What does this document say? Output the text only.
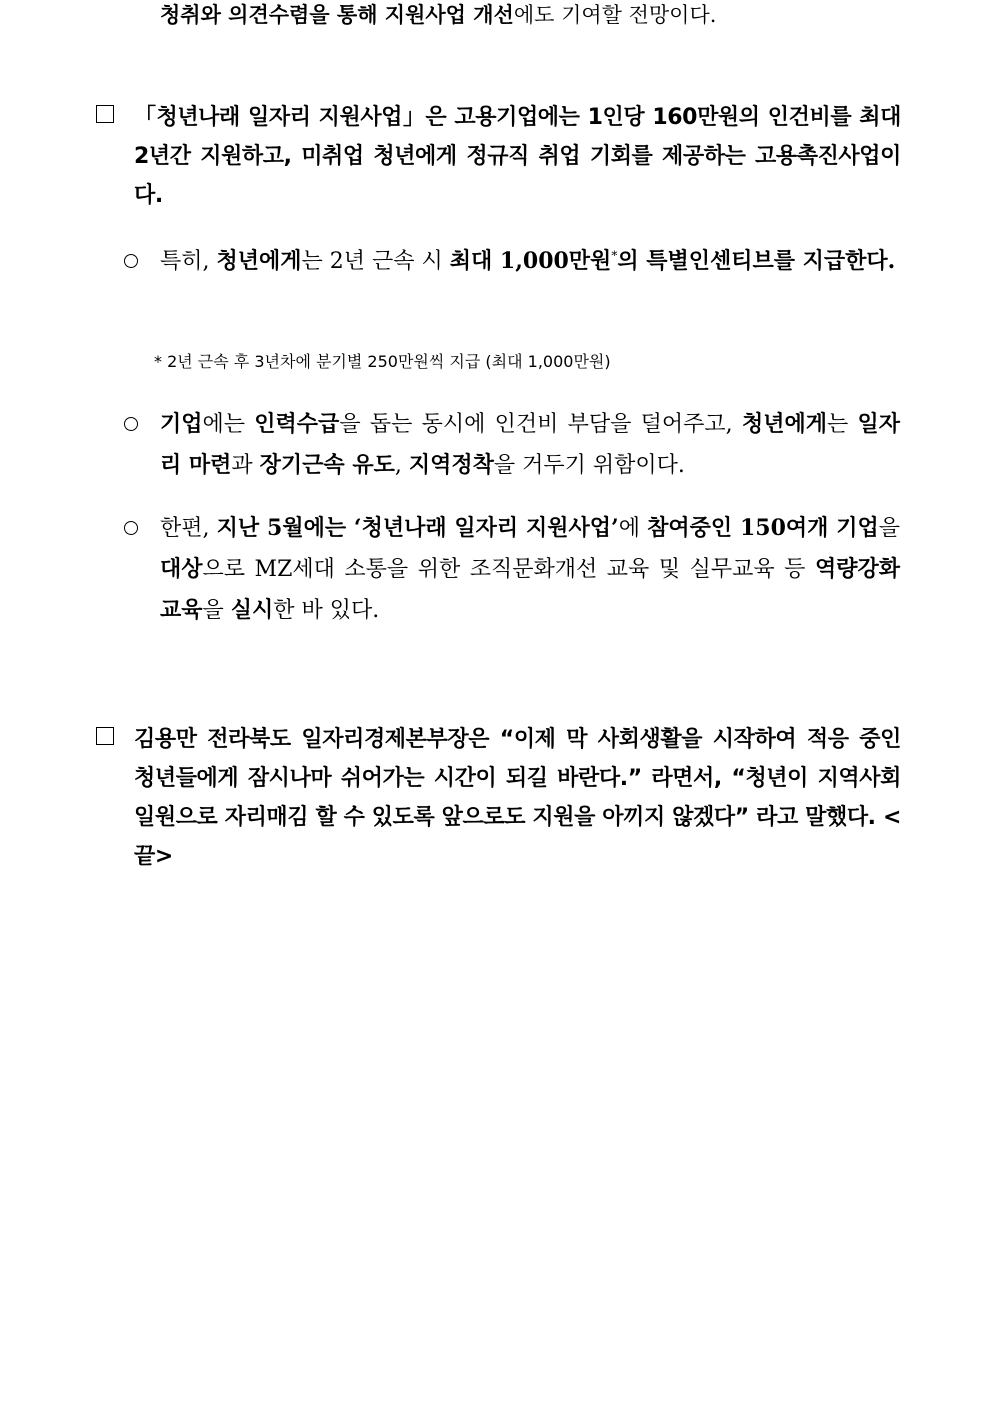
청취와 의견수렴을 통해 지원사업 개선에도 기여할 전망이다.
「청년나래 일자리 지원사업」은 고용기업에는 1인당 160만원의 인건비를 최대 2년간 지원하고, 미취업 청년에게 정규직 취업 기회를 제공하는 고용촉진사업이다.
특히, 청년에게는 2년 근속 시 최대 1,000만원*의 특별인센티브를 지급한다.
* 2년 근속 후 3년차에 분기별 250만원씩 지급 (최대 1,000만원)
기업에는 인력수급을 돕는 동시에 인건비 부담을 덜어주고, 청년에게는 일자리 마련과 장기근속 유도, 지역정착을 거두기 위함이다.
한편, 지난 5월에는 ‘청년나래 일자리 지원사업’에 참여중인 150여개 기업을 대상으로 MZ세대 소통을 위한 조직문화개선 교육 및 실무교육 등 역량강화 교육을 실시한 바 있다.
김용만 전라북도 일자리경제본부장은 “이제 막 사회생활을 시작하여 적응 중인 청년들에게 잠시나마 쉬어가는 시간이 되길 바란다.” 라면서, “청년이 지역사회 일원으로 자리매김 할 수 있도록 앞으로도 지원을 아끼지 않겠다” 라고 말했다. <끝>
